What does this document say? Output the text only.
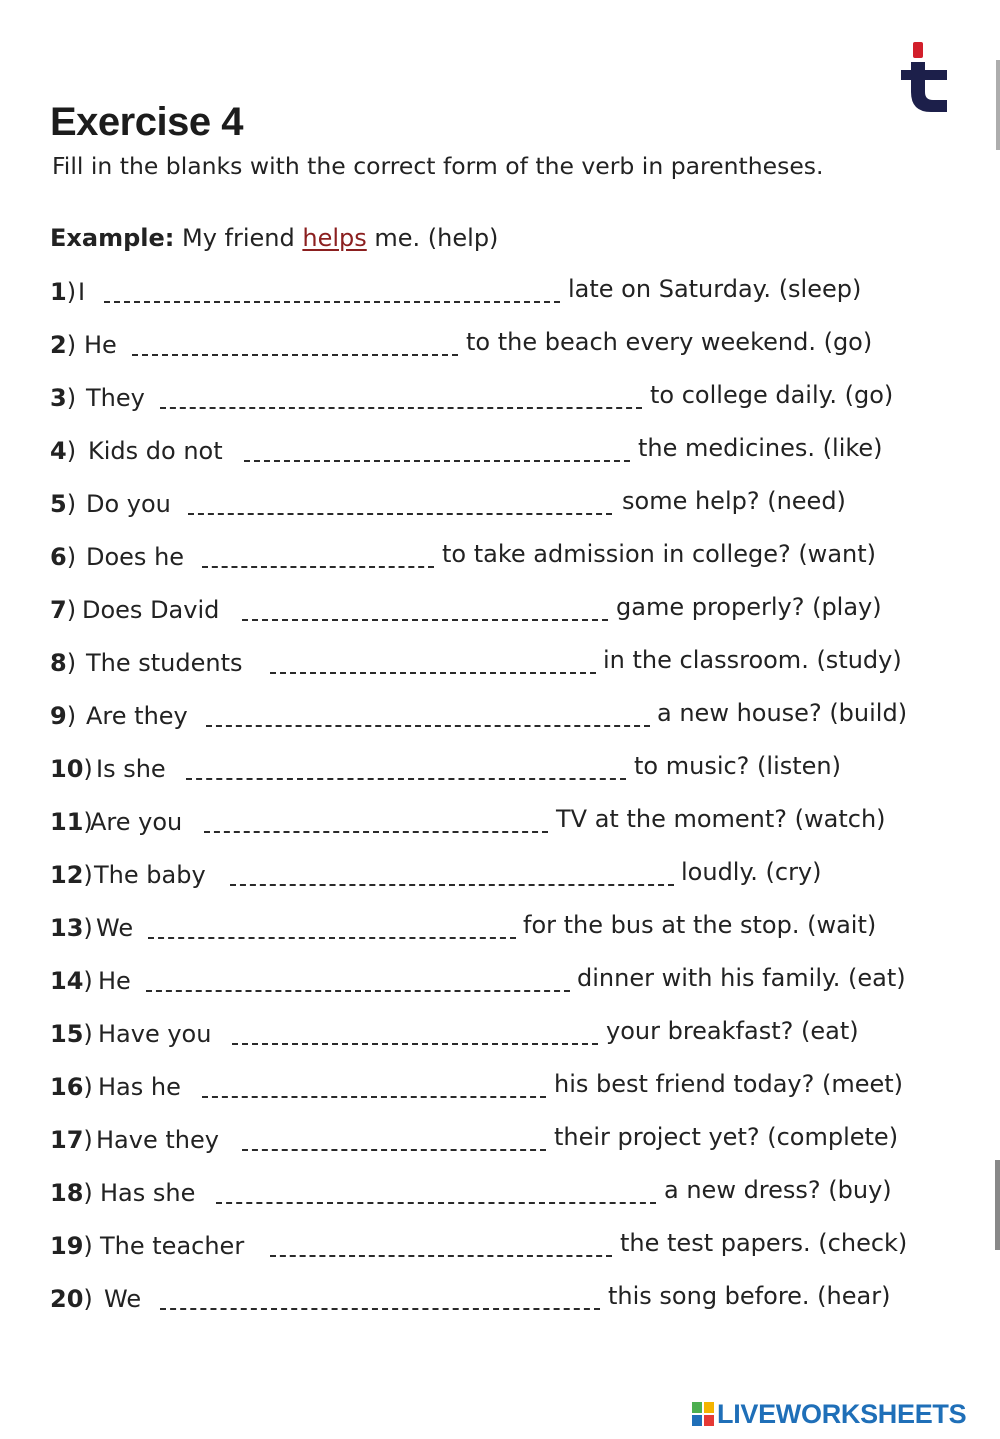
Exercise 4
Fill in the blanks with the correct form of the verb in parentheses.
Example: My friend helps me. (help)
1) I	late on Saturday. (sleep)
2) He	to the beach every weekend. (go)
3) They	to college daily. (go)
4) Kids do not	the medicines. (like)
5) Do you	some help? (need)
6) Does he	to take admission in college? (want)
7) Does David	game properly? (play)
8) The students	in the classroom. (study)
9) Are they	a new house? (build)
10) Is she	to music? (listen)
11)
Are you	TV at the moment? (watch)
12) The baby	loudly. (cry)
13) We	for the bus at the stop. (wait)
14) He	dinner with his family. (eat)
15) Have you	your breakfast? (eat)
16) Has he	his best friend today? (meet)
17) Have they	their project yet? (complete)
18) Has she	a new dress? (buy)
19) The teacher	the test papers. (check)
20) We	this song before. (hear)
LIVEWORKSHEETS
